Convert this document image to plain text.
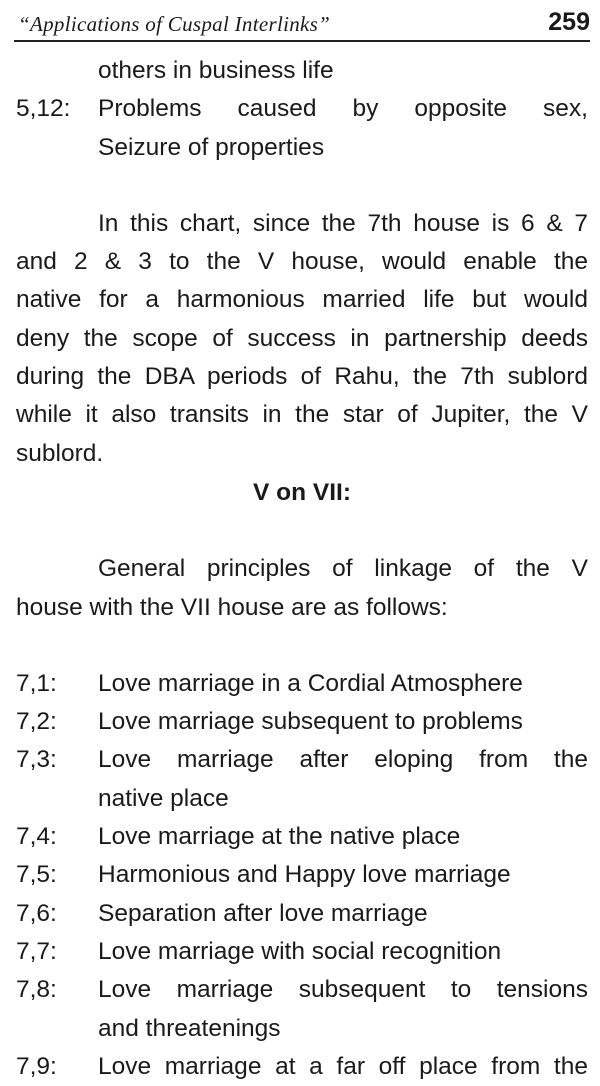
“Applications of Cuspal Interlinks”	259
others in business life
5,12:	Problems caused by opposite sex,
Seizure of properties
In this chart, since the 7th house is 6 & 7
and 2 & 3 to the V house, would enable the
native for a harmonious married life but would
deny the scope of success in partnership deeds
during the DBA periods of Rahu, the 7th sublord
while it also transits in the star of Jupiter, the V
sublord.
V on VII:
General principles of linkage of the V
house with the VII house are as follows:
7,1:	Love marriage in a Cordial Atmosphere
7,2:	Love marriage subsequent to problems
7,3:	Love marriage after eloping from the
native place
7,4:	Love marriage at the native place
7,5:	Harmonious and Happy love marriage
7,6:	Separation after love marriage
7,7:	Love marriage with social recognition
7,8:	Love marriage subsequent to tensions
and threatenings
7,9:	Love marriage at a far off place from the
